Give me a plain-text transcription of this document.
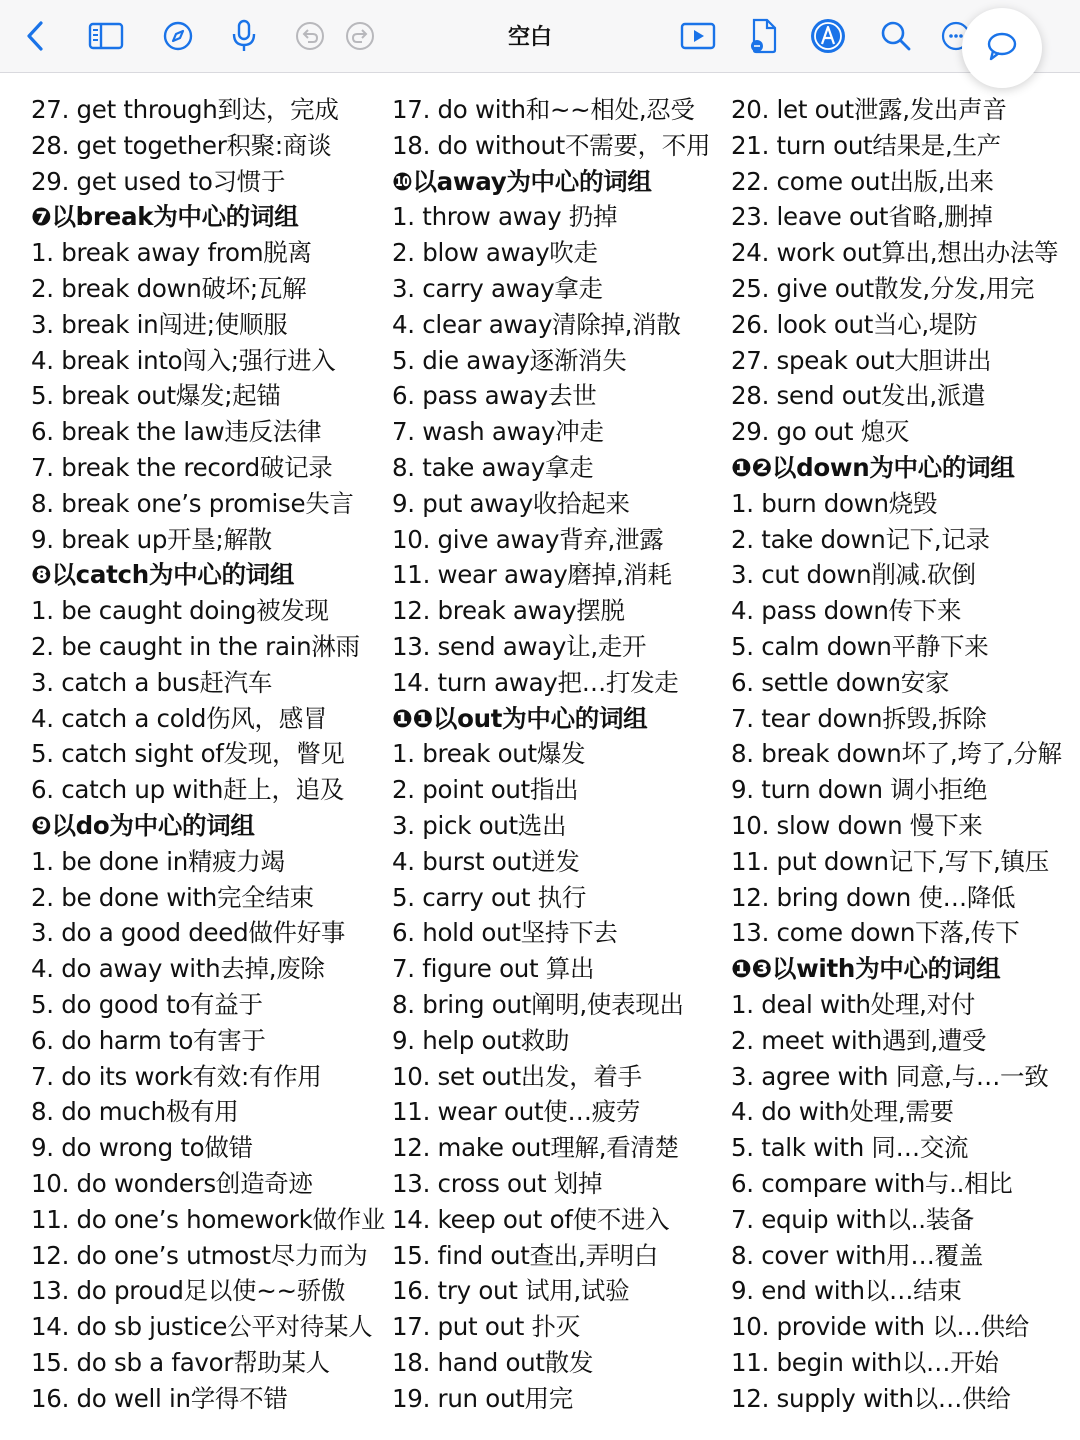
空白
27. get through到达，完成
28. get together积聚:商谈
29. get used to习惯于
❼以break为中心的词组
1. break away from脱离
2. break down破坏;瓦解
3. break in闯进;使顺服
4. break into闯入;强行进入
5. break out爆发;起锚
6. break the law违反法律
7. break the record破记录
8. break one’s promise失言
9. break up开垦;解散
❽以catch为中心的词组
1. be caught doing被发现
2. be caught in the rain淋雨
3. catch a bus赶汽车
4. catch a cold伤风，感冒
5. catch sight of发现，瞥见
6. catch up with赶上，追及
❾以do为中心的词组
1. be done in精疲力竭
2. be done with完全结束
3. do a good deed做件好事
4. do away with去掉,废除
5. do good to有益于
6. do harm to有害于
7. do its work有效:有作用
8. do much极有用
9. do wrong to做错
10. do wonders创造奇迹
11. do one’s homework做作业
12. do one’s utmost尽力而为
13. do proud足以使~~骄傲
14. do sb justice公平对待某人
15. do sb a favor帮助某人
16. do well in学得不错
17. do with和~~相处,忍受
18. do without不需要，不用
❿以away为中心的词组
1. throw away 扔掉
2. blow away吹走
3. carry away拿走
4. clear away清除掉,消散
5. die away逐渐消失
6. pass away去世
7. wash away冲走
8. take away拿走
9. put away收拾起来
10. give away背弃,泄露
11. wear away磨掉,消耗
12. break away摆脱
13. send away让,走开
14. turn away把…打发走
❶❶以out为中心的词组
1. break out爆发
2. point out指出
3. pick out选出
4. burst out迸发
5. carry out 执行
6. hold out坚持下去
7. figure out 算出
8. bring out阐明,使表现出
9. help out救助
10. set out出发，着手
11. wear out使…疲劳
12. make out理解,看清楚
13. cross out 划掉
14. keep out of使不进入
15. find out查出,弄明白
16. try out 试用,试验
17. put out 扑灭
18. hand out散发
19. run out用完
20. let out泄露,发出声音
21. turn out结果是,生产
22. come out出版,出来
23. leave out省略,删掉
24. work out算出,想出办法等
25. give out散发,分发,用完
26. look out当心,堤防
27. speak out大胆讲出
28. send out发出,派遣
29. go out 熄灭
❶❷以down为中心的词组
1. burn down烧毁
2. take down记下,记录
3. cut down削减.砍倒
4. pass down传下来
5. calm down平静下来
6. settle down安家
7. tear down拆毁,拆除
8. break down坏了,垮了,分解
9. turn down 调小拒绝
10. slow down 慢下来
11. put down记下,写下,镇压
12. bring down 使…降低
13. come down下落,传下
❶❸以with为中心的词组
1. deal with处理,对付
2. meet with遇到,遭受
3. agree with 同意,与…一致
4. do with处理,需要
5. talk with 同…交流
6. compare with与..相比
7. equip with以..装备
8. cover with用…覆盖
9. end with以…结束
10. provide with 以…供给
11. begin with以…开始
12. supply with以…供给
